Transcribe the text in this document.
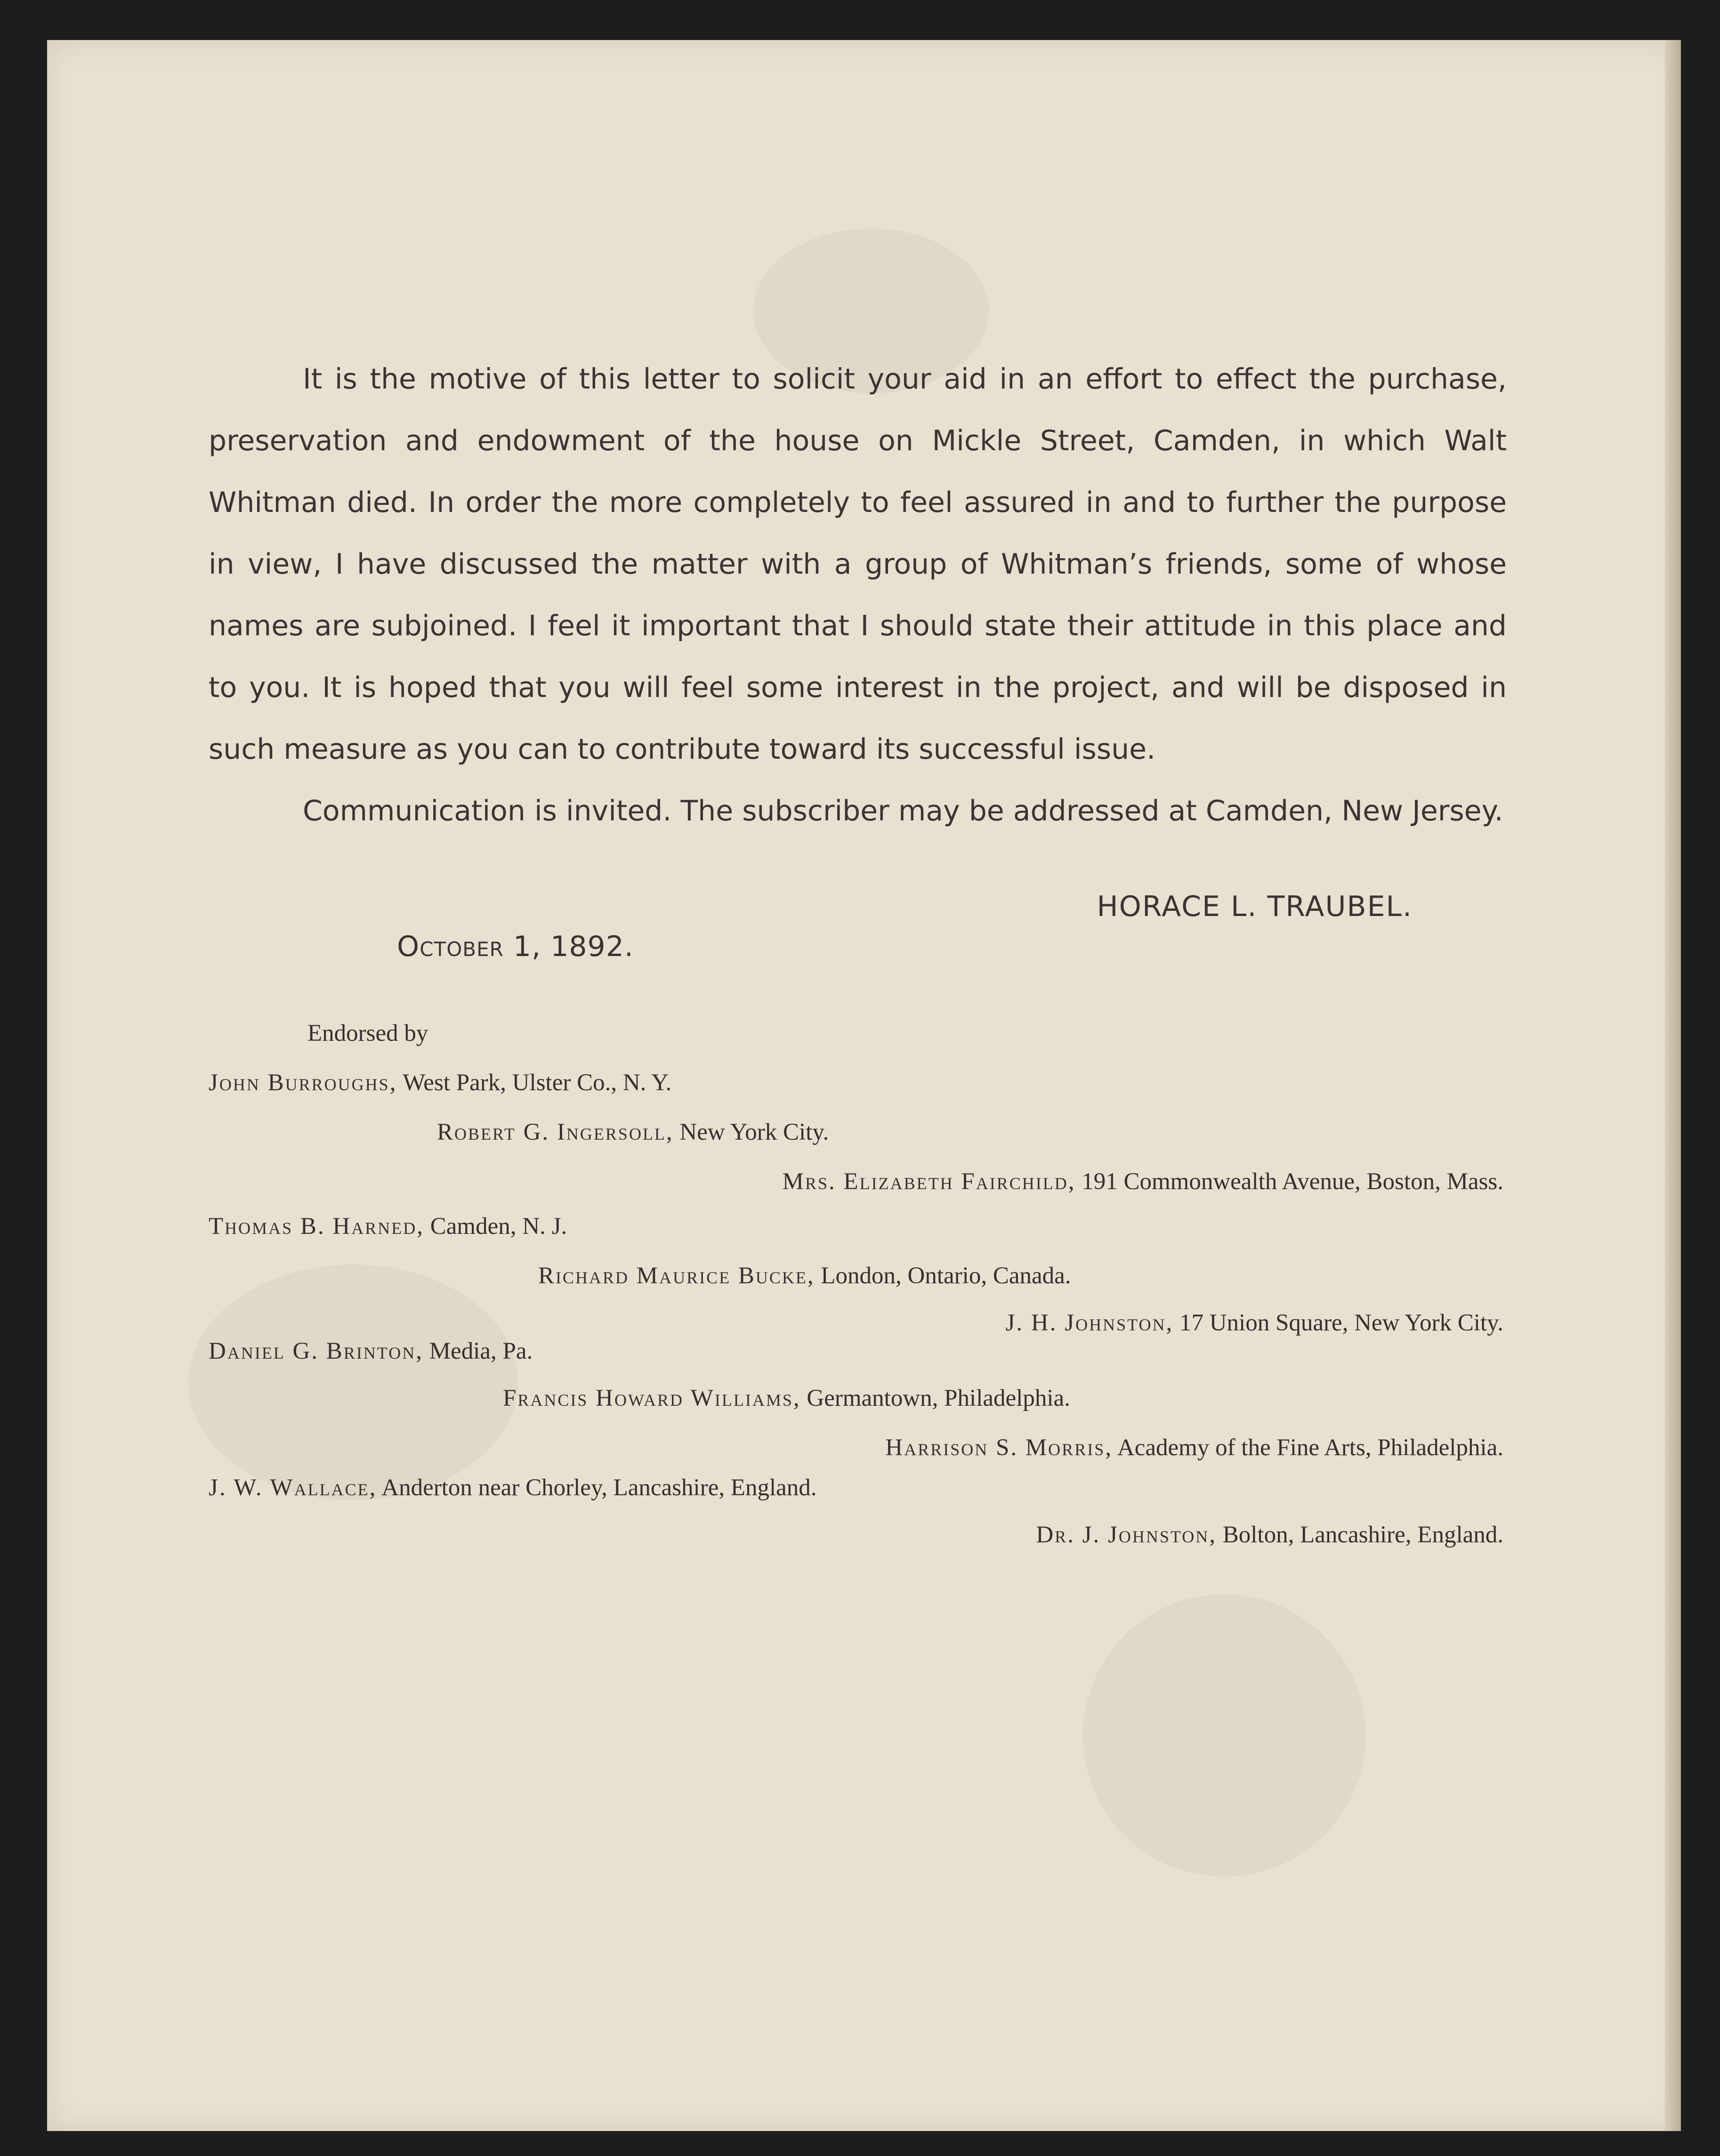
It is the motive of this letter to solicit your aid in an effort to effect the purchase, preservation and endowment of the house on Mickle Street, Camden, in which Walt Whitman died. In order the more completely to feel assured in and to further the purpose in view, I have discussed the matter with a group of Whitman’s friends, some of whose names are subjoined. I feel it important that I should state their attitude in this place and to you. It is hoped that you will feel some interest in the project, and will be disposed in such measure as you can to contribute toward its successful issue.

Communication is invited. The subscriber may be addressed at Camden, New Jersey.

HORACE L. TRAUBEL.
October 1, 1892.
Endorsed by
John Burroughs, West Park, Ulster Co., N. Y.
Robert G. Ingersoll, New York City.
Mrs. Elizabeth Fairchild, 191 Commonwealth Avenue, Boston, Mass.
Thomas B. Harned, Camden, N. J.
Richard Maurice Bucke, London, Ontario, Canada.
J. H. Johnston, 17 Union Square, New York City.
Daniel G. Brinton, Media, Pa.
Francis Howard Williams, Germantown, Philadelphia.
Harrison S. Morris, Academy of the Fine Arts, Philadelphia.
J. W. Wallace, Anderton near Chorley, Lancashire, England.
Dr. J. Johnston, Bolton, Lancashire, England.
